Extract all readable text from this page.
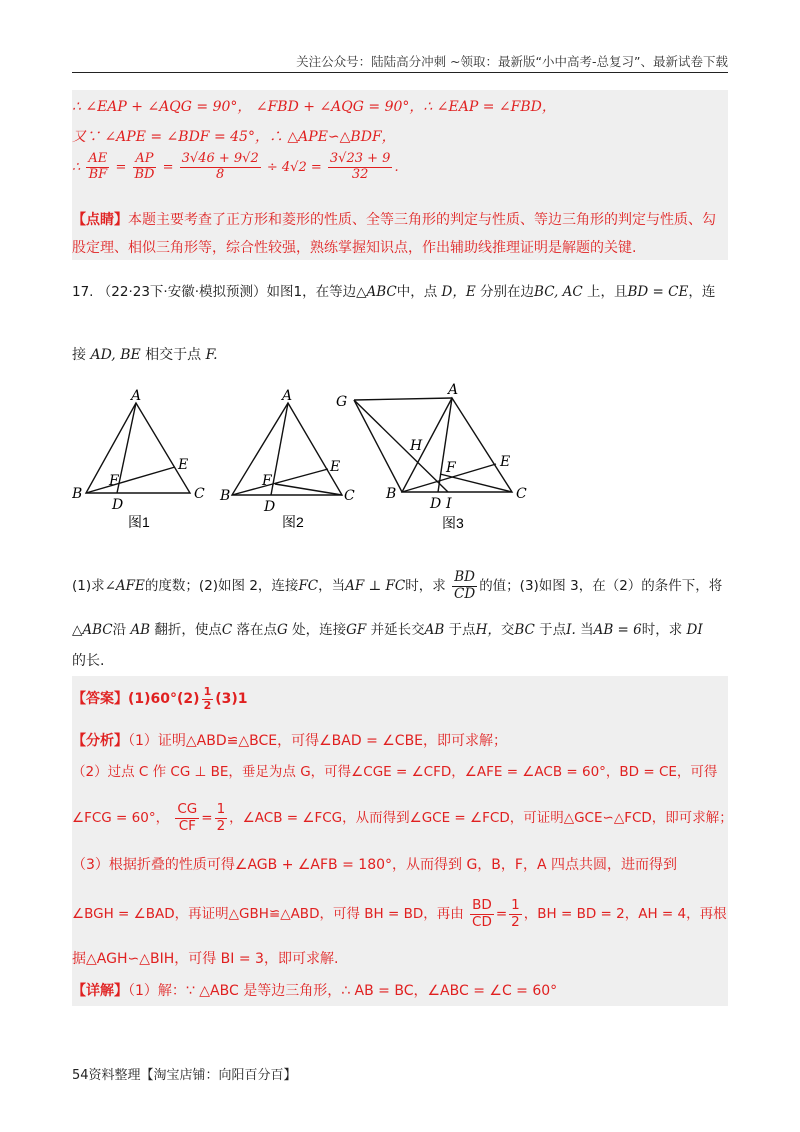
关注公众号：陆陆高分冲刺 ~领取：最新版“小中高考-总复习”、最新试卷下载
∴ ∠EAP + ∠AQG = 90°， ∠FBD + ∠AQG = 90°，∴ ∠EAP = ∠FBD，
又∵ ∠APE = ∠BDF = 45°，∴ △APE∽△BDF，
∴ $\frac{AE}{BF} = \frac{AP}{BD} = \frac{3√46 + 9√2}{8} \div 4√2 = \frac{3√23 + 9}{32}$ .
【点睛】本题主要考查了正方形和菱形的性质、全等三角形的判定与性质、等边三角形的判定与性质、勾股定理、相似三角形等，综合性较强，熟练掌握知识点，作出辅助线推理证明是解题的关键.
17. （22·23下·安徽·模拟预测）如图1，在等边△ABC中，点 D，E 分别在边BC, AC 上，且BD = CE，连
接 AD, BE 相交于点 F.
A
B	C
D
E
F
图1
A
B	C
D
E
F
图2
G
A
H
F	E
B
D I
C
图3
(1)求∠AFE的度数；(2)如图 2，连接FC，当AF ⊥ FC时，求 $\frac{BD}{CD}$ 的值；(3)如图 3，在（2）的条件下，将
△ABC沿 AB 翻折，使点C 落在点G 处，连接GF 并延长交AB 于点H，交BC 于点I. 当AB = 6时，求 DI
的长.
【答案】$(1)60^\circ(2) \frac{1}{2} (3)1$
【分析】（1）证明△ABD≌△BCE，可得∠BAD = ∠CBE，即可求解；
（2）过点 C 作 CG ⊥ BE，垂足为点 G，可得∠CGE = ∠CFD，∠AFE = ∠ACB = 60°，BD = CE，可得
∠FCG = 60°， $\frac{CG}{CF} = \frac{1}{2}$ ，∠ACB = ∠FCG，从而得到∠GCE = ∠FCD，可证明△GCE∽△FCD，即可求解；
（3）根据折叠的性质可得∠AGB + ∠AFB = 180°，从而得到 G，B，F，A 四点共圆，进而得到
∠BGH = ∠BAD，再证明△GBH≌△ABD，可得 BH = BD，再由 $\frac{BD}{CD} = \frac{1}{2}$ ，BH = BD = 2，AH = 4，再根
据△AGH∽△BIH，可得 BI = 3，即可求解.
【详解】（1）解：∵ △ABC 是等边三角形，∴ AB = BC，∠ABC = ∠C = 60°
54资料整理【淘宝店铺：向阳百分百】
